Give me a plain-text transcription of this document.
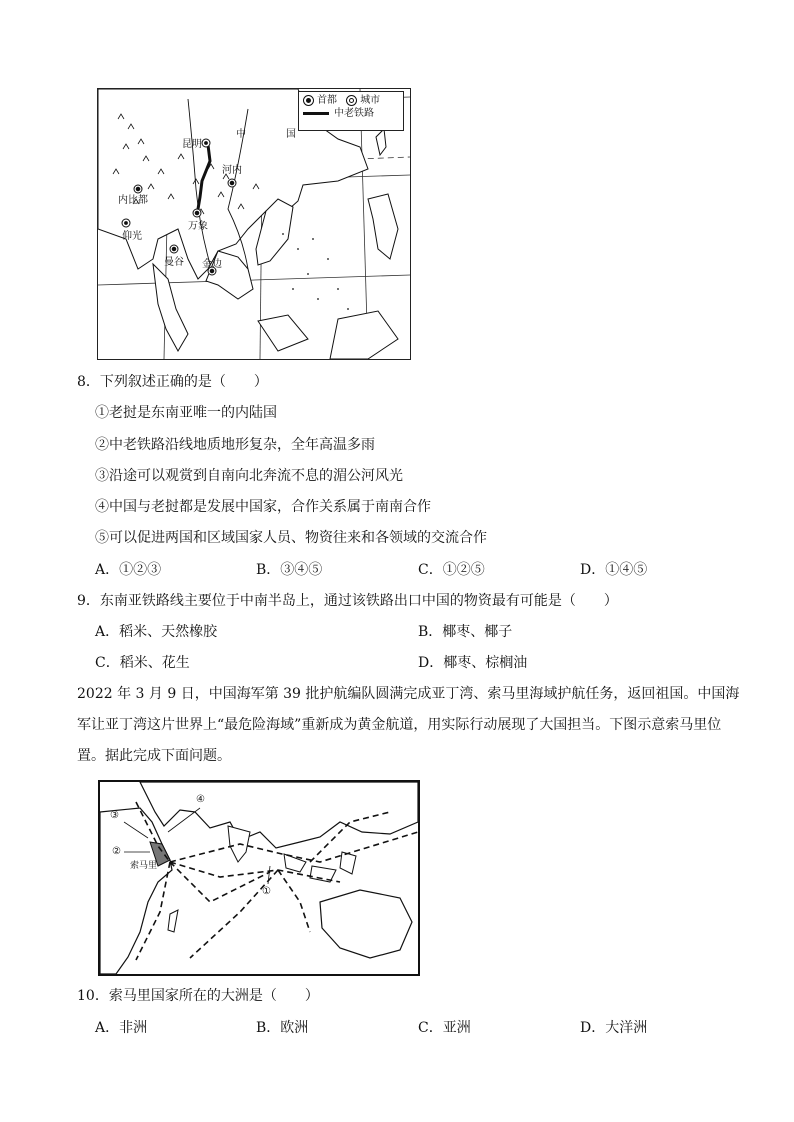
首都
城市
中老铁路
中	国
昆明
河内
内比都
仰光
万象
曼谷 金边
8．下列叙述正确的是（　　）
①老挝是东南亚唯一的内陆国
②中老铁路沿线地质地形复杂，全年高温多雨
③沿途可以观赏到自南向北奔流不息的湄公河风光
④中国与老挝都是发展中国家，合作关系属于南南合作
⑤可以促进两国和区域国家人员、物资往来和各领域的交流合作
A．①②③	B．③④⑤	C．①②⑤	D．①④⑤
9．东南亚铁路线主要位于中南半岛上，通过该铁路出口中国的物资最有可能是（　　）
A．稻米、天然橡胶	B．椰枣、椰子
C．稻米、花生	D．椰枣、棕榈油
2022 年 3 月 9 日，中国海军第 39 批护航编队圆满完成亚丁湾、索马里海域护航任务，返回祖国。中国海
军让亚丁湾这片世界上“最危险海域”重新成为黄金航道，用实际行动展现了大国担当。下图示意索马里位
置。据此完成下面问题。
④
③
②
索马里
①
10．索马里国家所在的大洲是（　　）
A．非洲	B．欧洲	C．亚洲	D．大洋洲
